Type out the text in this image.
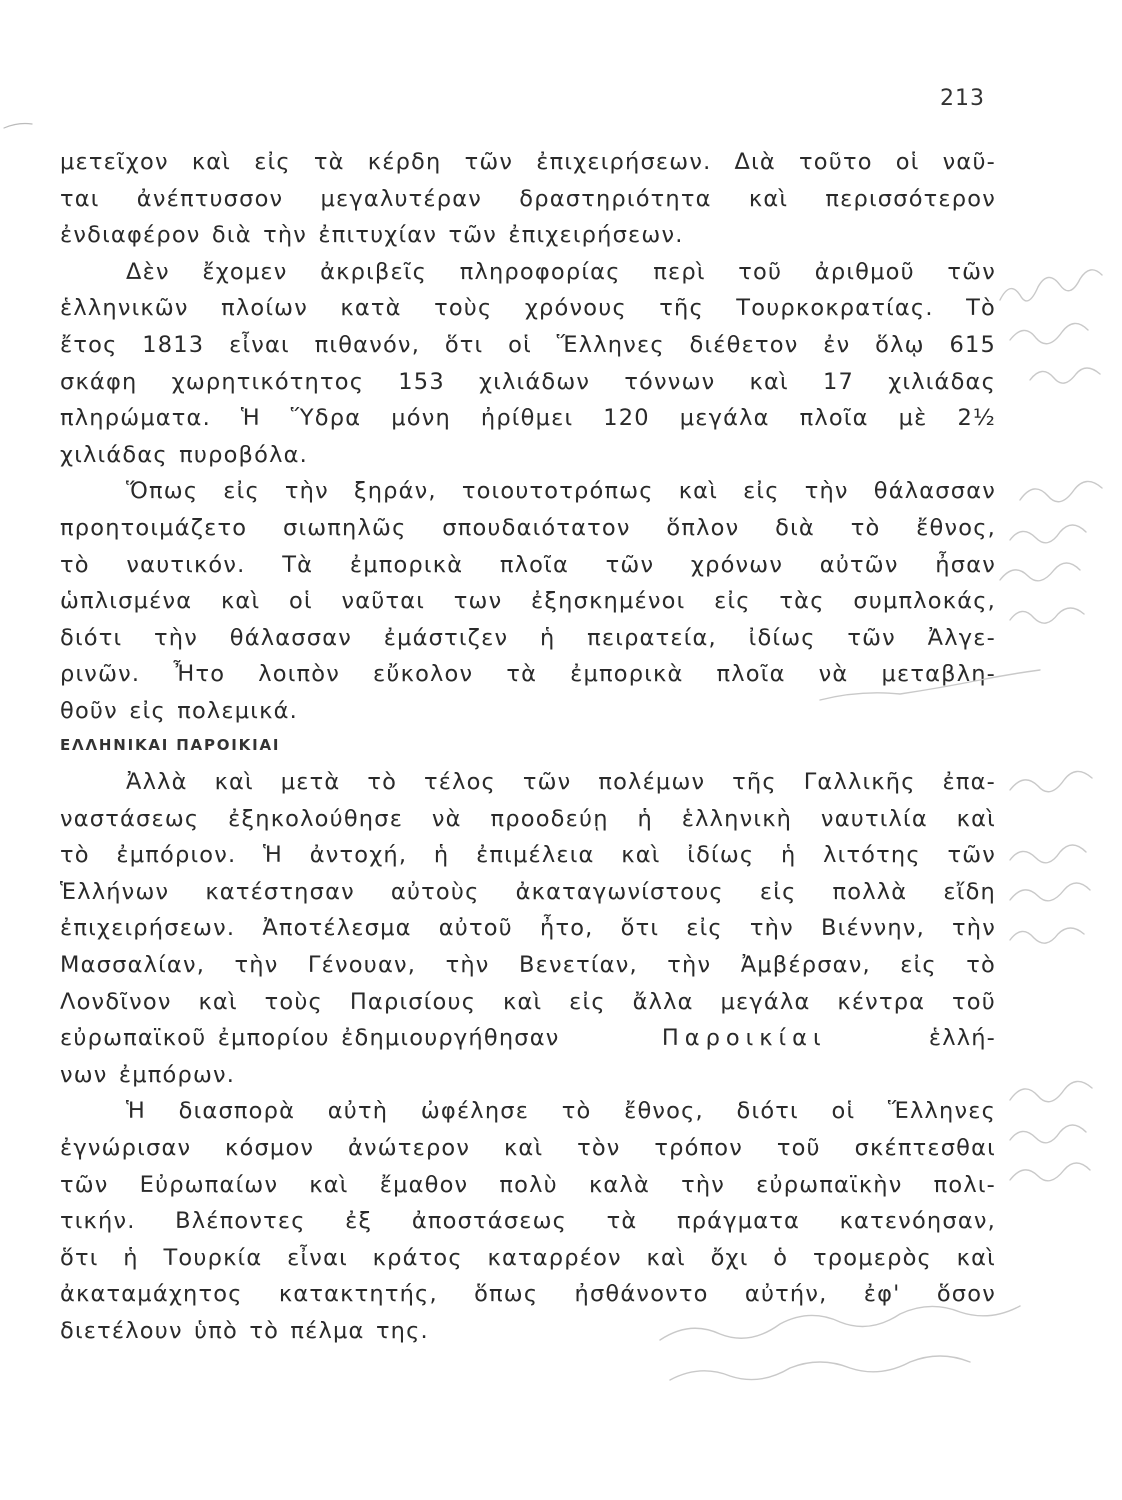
213
μετεῖχον καὶ εἰς τὰ κέρδη τῶν ἐπιχειρήσεων. Διὰ τοῦτο οἱ ναῦ-
ται ἀνέπτυσσον μεγαλυτέραν δραστηριότητα καὶ περισσότερον
ἐνδιαφέρον διὰ τὴν ἐπιτυχίαν τῶν ἐπιχειρήσεων.
Δὲν ἔχομεν ἀκριβεῖς πληροφορίας περὶ τοῦ ἀριθμοῦ τῶν
ἑλληνικῶν πλοίων κατὰ τοὺς χρόνους τῆς Τουρκοκρατίας. Τὸ
ἔτος 1813 εἶναι πιθανόν, ὅτι οἱ Ἕλληνες διέθετον ἐν ὅλῳ 615
σκάφη χωρητικότητος 153 χιλιάδων τόννων καὶ 17 χιλιάδας
πληρώματα. Ἡ Ὕδρα μόνη ἠρίθμει 120 μεγάλα πλοῖα μὲ 2½
χιλιάδας πυροβόλα.
Ὅπως εἰς τὴν ξηράν, τοιουτοτρόπως καὶ εἰς τὴν θάλασσαν
προητοιμάζετο σιωπηλῶς σπουδαιότατον ὅπλον διὰ τὸ ἔθνος,
τὸ ναυτικόν. Τὰ ἐμπορικὰ πλοῖα τῶν χρόνων αὐτῶν ἦσαν
ὡπλισμένα καὶ οἱ ναῦται των ἐξησκημένοι εἰς τὰς συμπλοκάς,
διότι τὴν θάλασσαν ἐμάστιζεν ἡ πειρατεία, ἰδίως τῶν Ἀλγε-
ρινῶν. Ἦτο λοιπὸν εὔκολον τὰ ἐμπορικὰ πλοῖα νὰ μεταβλη-
θοῦν εἰς πολεμικά.
ΕΛΛΗΝΙΚΑΙ ΠΑΡΟΙΚΙΑΙ
Ἀλλὰ καὶ μετὰ τὸ τέλος τῶν πολέμων τῆς Γαλλικῆς ἐπα-
ναστάσεως ἐξηκολούθησε νὰ προοδεύῃ ἡ ἑλληνικὴ ναυτιλία καὶ
τὸ ἐμπόριον. Ἡ ἀντοχή, ἡ ἐπιμέλεια καὶ ἰδίως ἡ λιτότης τῶν
Ἑλλήνων κατέστησαν αὐτοὺς ἀκαταγωνίστους εἰς πολλὰ εἴδη
ἐπιχειρήσεων. Ἀποτέλεσμα αὐτοῦ ἦτο, ὅτι εἰς τὴν Βιέννην, τὴν
Μασσαλίαν, τὴν Γένουαν, τὴν Βενετίαν, τὴν Ἀμβέρσαν, εἰς τὸ
Λονδῖνον καὶ τοὺς Παρισίους καὶ εἰς ἄλλα μεγάλα κέντρα τοῦ
εὐρωπαϊκοῦ ἐμπορίου ἐδημιουργήθησαν	Παροικίαι	ἑλλή-
νων ἐμπόρων.
Ἡ διασπορὰ αὐτὴ ὠφέλησε τὸ ἔθνος, διότι οἱ Ἕλληνες
ἐγνώρισαν κόσμον ἀνώτερον καὶ τὸν τρόπον τοῦ σκέπτεσθαι
τῶν Εὐρωπαίων καὶ ἔμαθον πολὺ καλὰ τὴν εὐρωπαϊκὴν πολι-
τικήν. Βλέποντες ἐξ ἀποστάσεως τὰ πράγματα κατενόησαν,
ὅτι ἡ Τουρκία εἶναι κράτος καταρρέον καὶ ὄχι ὁ τρομερὸς καὶ
ἀκαταμάχητος κατακτητής, ὅπως ἠσθάνοντο αὐτήν, ἐφ' ὅσον
διετέλουν ὑπὸ τὸ πέλμα της.
